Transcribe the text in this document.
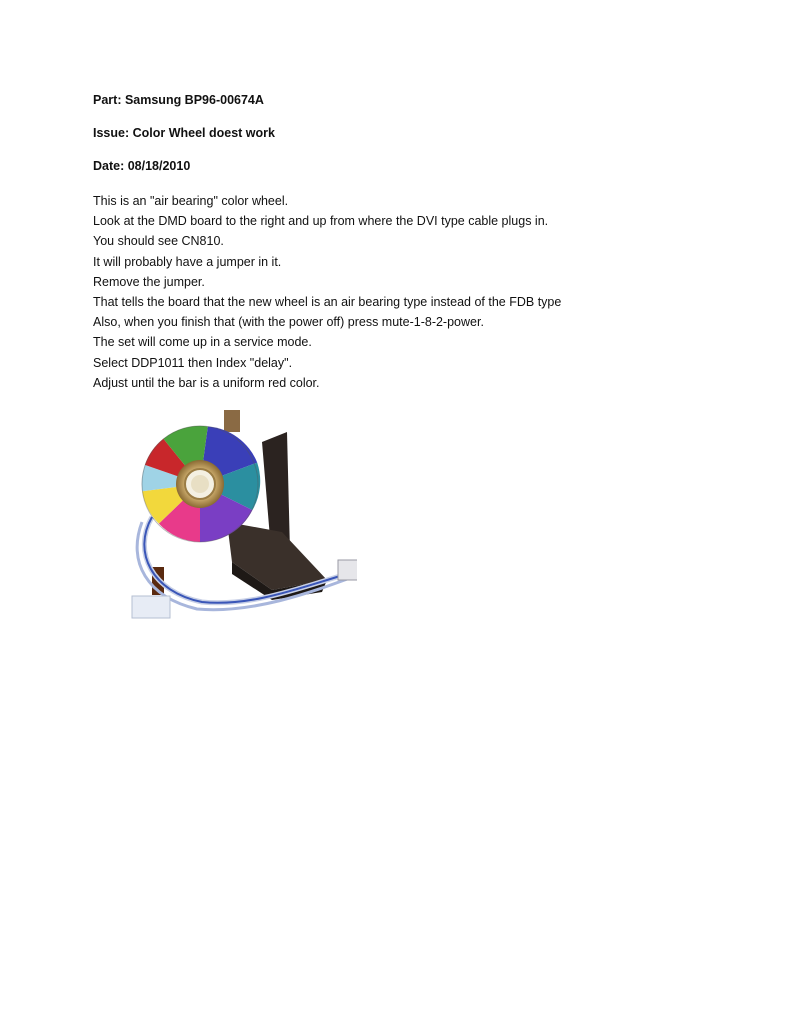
Part: Samsung BP96-00674A
Issue: Color Wheel doest work
Date: 08/18/2010
This is an "air bearing" color wheel.
Look at the DMD board to the right and up from where the DVI type cable plugs in.
You should see CN810.
It will probably have a jumper in it.
Remove the jumper.
That tells the board that the new wheel is an air bearing type instead of the FDB type
Also, when you finish that (with the power off) press mute-1-8-2-power.
The set will come up in a service mode.
Select DDP1011 then Index "delay".
Adjust until the bar is a uniform red color.
